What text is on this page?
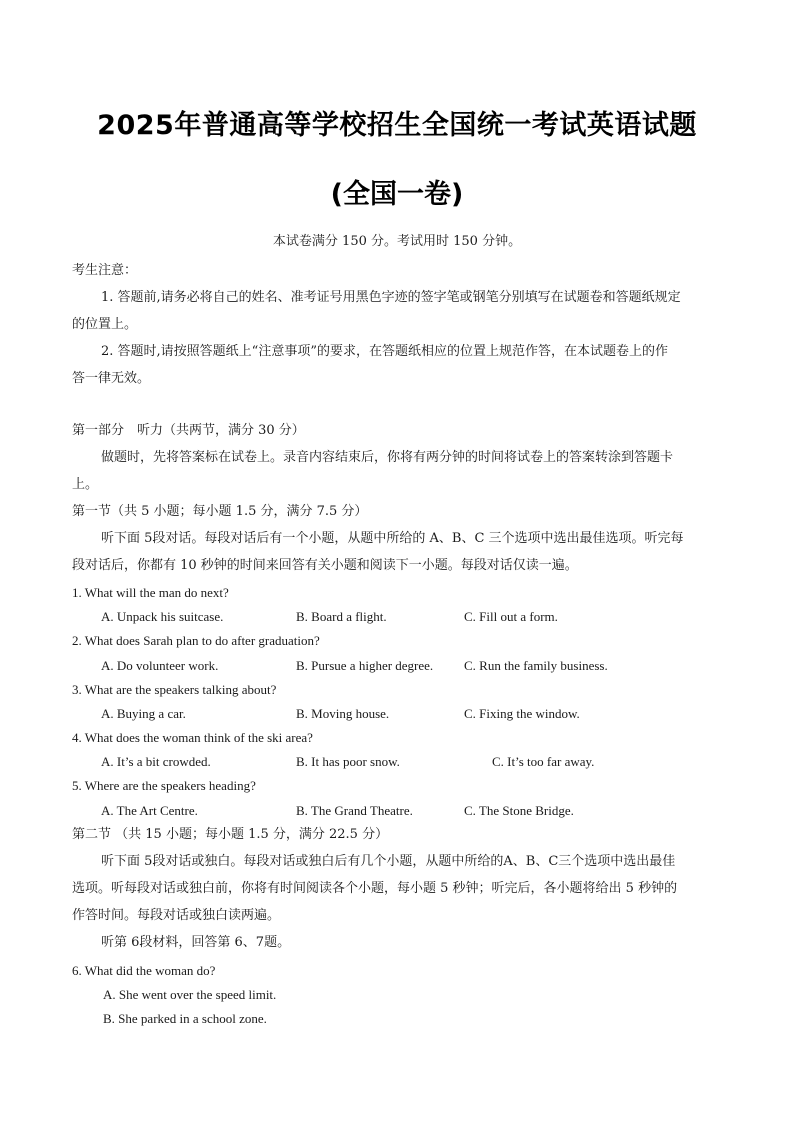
2025年普通高等学校招生全国统一考试英语试题
(全国一卷)
本试卷满分 150 分。考试用时 150 分钟。
考生注意：
1. 答题前,请务必将自己的姓名、准考证号用黑色字迹的签字笔或钢笔分别填写在试题卷和答题纸规定
的位置上。
2. 答题时,请按照答题纸上“注意事项”的要求，在答题纸相应的位置上规范作答，在本试题卷上的作
答一律无效。
第一部分　听力（共两节，满分 30 分）
做题时，先将答案标在试卷上。录音内容结束后，你将有两分钟的时间将试卷上的答案转涂到答题卡
上。
第一节（共 5 小题；每小题 1.5 分，满分 7.5 分）
听下面 5段对话。每段对话后有一个小题，从题中所给的 A、B、C 三个选项中选出最佳选项。听完每
段对话后，你都有 10 秒钟的时间来回答有关小题和阅读下一小题。每段对话仅读一遍。
1. What will the man do next?
A. Unpack his suitcase.	B. Board a flight.	C. Fill out a form.
2. What does Sarah plan to do after graduation?
A. Do volunteer work.	B. Pursue a higher degree. C. Run the family business.
3. What are the speakers talking about?
A. Buying a car.	B. Moving house.	C. Fixing the window.
4. What does the woman think of the ski area?
A. It’s a bit crowded.	B. It has poor snow.	C. It’s too far away.
5. Where are the speakers heading?
A. The Art Centre.	B. The Grand Theatre.	C. The Stone Bridge.
第二节 （共 15 小题；每小题 1.5 分，满分 22.5 分）
听下面 5段对话或独白。每段对话或独白后有几个小题，从题中所给的A、B、C三个选项中选出最佳
选项。听每段对话或独白前，你将有时间阅读各个小题，每小题 5 秒钟；听完后，各小题将给出 5 秒钟的
作答时间。每段对话或独白读两遍。
听第 6段材料，回答第 6、7题。
6. What did the woman do?
A. She went over the speed limit.
B. She parked in a school zone.
